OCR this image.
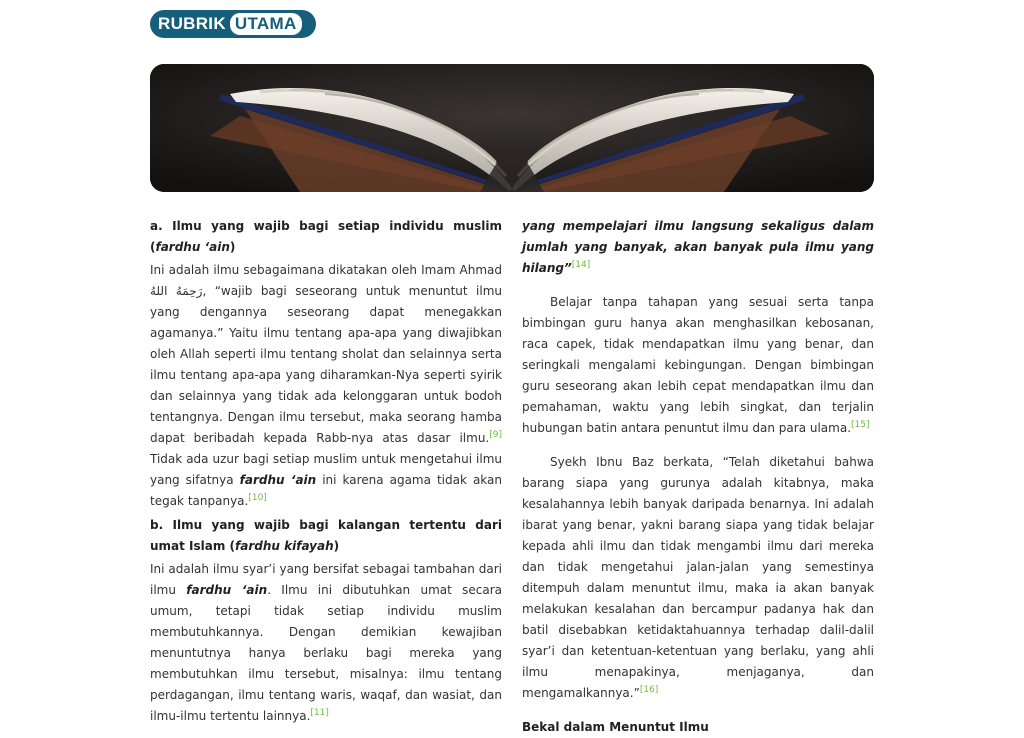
RUBRIK UTAMA

a. Ilmu yang wajib bagi setiap individu muslim (fardhu ‘ain)

Ini adalah ilmu sebagaimana dikatakan oleh Imam Ahmad رَحِمَهُ اللهُ, “wajib bagi seseorang untuk menuntut ilmu yang dengannya seseorang dapat menegakkan agamanya.” Yaitu ilmu tentang apa-apa yang diwajibkan oleh Allah seperti ilmu tentang sholat dan selainnya serta ilmu tentang apa-apa yang diharamkan-Nya seperti syirik dan selainnya yang tidak ada kelonggaran untuk bodoh tentangnya. Dengan ilmu tersebut, maka seorang hamba dapat beribadah kepada Rabb-nya atas dasar ilmu.[9] Tidak ada uzur bagi setiap muslim untuk mengetahui ilmu yang sifatnya fardhu ‘ain ini karena agama tidak akan tegak tanpanya.[10]

b. Ilmu yang wajib bagi kalangan tertentu dari umat Islam (fardhu kifayah)

Ini adalah ilmu syar’i yang bersifat sebagai tambahan dari ilmu fardhu ‘ain. Ilmu ini dibutuhkan umat secara umum, tetapi tidak setiap individu muslim membutuhkannya. Dengan demikian kewajiban menuntutnya hanya berlaku bagi mereka yang membutuhkan ilmu tersebut, misalnya: ilmu tentang perdagangan, ilmu tentang waris, waqaf, dan wasiat, dan ilmu-ilmu tertentu lainnya.[11]

yang mempelajari ilmu langsung sekaligus dalam jumlah yang banyak, akan banyak pula ilmu yang hilang”[14]

Belajar tanpa tahapan yang sesuai serta tanpa bimbingan guru hanya akan menghasilkan kebosanan, raca capek, tidak mendapatkan ilmu yang benar, dan seringkali mengalami kebingungan. Dengan bimbingan guru seseorang akan lebih cepat mendapatkan ilmu dan pemahaman, waktu yang lebih singkat, dan terjalin hubungan batin antara penuntut ilmu dan para ulama.[15]

Syekh Ibnu Baz berkata, “Telah diketahui bahwa barang siapa yang gurunya adalah kitabnya, maka kesalahannya lebih banyak daripada benarnya. Ini adalah ibarat yang benar, yakni barang siapa yang tidak belajar kepada ahli ilmu dan tidak mengambi ilmu dari mereka dan tidak mengetahui jalan-jalan yang semestinya ditempuh dalam menuntut ilmu, maka ia akan banyak melakukan kesalahan dan bercampur padanya hak dan batil disebabkan ketidaktahuannya terhadap dalil-dalil syar’i dan ketentuan-ketentuan yang berlaku, yang ahli ilmu menapakinya, menjaganya, dan mengamalkannya.”[16]

Bekal dalam Menuntut Ilmu
